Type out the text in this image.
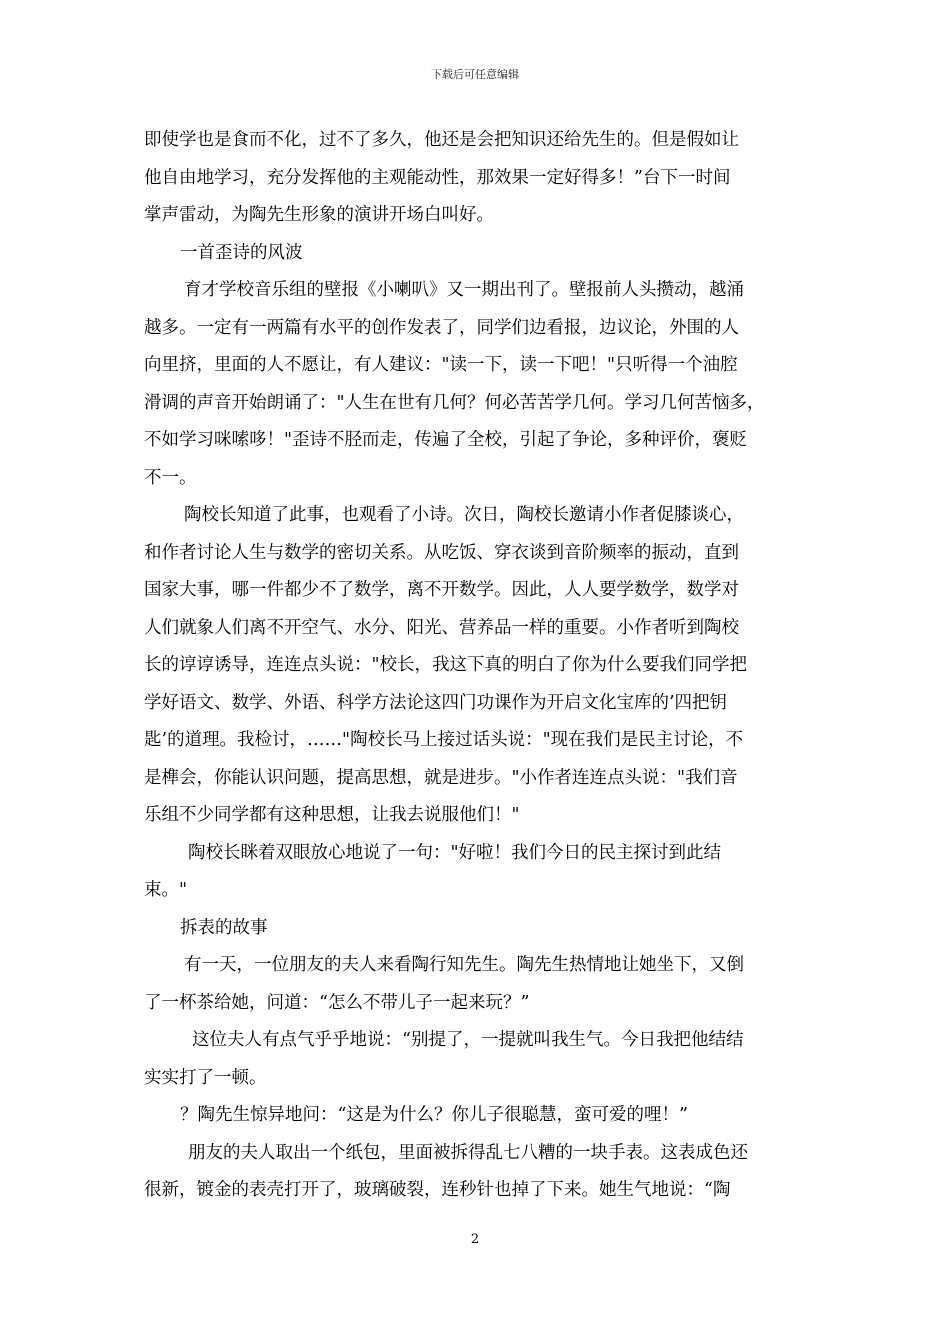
下载后可任意编辑
即使学也是食而不化，过不了多久，他还是会把知识还给先生的。但是假如让
他自由地学习，充分发挥他的主观能动性，那效果一定好得多！”台下一时间
掌声雷动，为陶先生形象的演讲开场白叫好。
一首歪诗的风波
育才学校音乐组的壁报《小喇叭》又一期出刊了。壁报前人头攒动，越涌
越多。一定有一两篇有水平的创作发表了，同学们边看报，边议论，外围的人
向里挤，里面的人不愿让，有人建议："读一下，读一下吧！"只听得一个油腔
滑调的声音开始朗诵了："人生在世有几何？何必苦苦学几何。学习几何苦恼多，
不如学习咪嗦哆！"歪诗不胫而走，传遍了全校，引起了争论，多种评价，褒贬
不一。
陶校长知道了此事，也观看了小诗。次日，陶校长邀请小作者促膝谈心，
和作者讨论人生与数学的密切关系。从吃饭、穿衣谈到音阶频率的振动，直到
国家大事，哪一件都少不了数学，离不开数学。因此，人人要学数学，数学对
人们就象人们离不开空气、水分、阳光、营养品一样的重要。小作者听到陶校
长的谆谆诱导，连连点头说："校长，我这下真的明白了你为什么要我们同学把
学好语文、数学、外语、科学方法论这四门功课作为开启文化宝库的’四把钥
匙’的道理。我检讨，……"陶校长马上接过话头说："现在我们是民主讨论，不
是榫会，你能认识问题，提高思想，就是进步。"小作者连连点头说："我们音
乐组不少同学都有这种思想，让我去说服他们！"
陶校长眯着双眼放心地说了一句："好啦！我们今日的民主探讨到此结
束。"
拆表的故事
有一天，一位朋友的夫人来看陶行知先生。陶先生热情地让她坐下，又倒
了一杯茶给她，问道：“怎么不带儿子一起来玩？”
这位夫人有点气乎乎地说：“别提了，一提就叫我生气。今日我把他结结
实实打了一顿。
？陶先生惊异地问：“这是为什么？你儿子很聪慧，蛮可爱的哩！”
朋友的夫人取出一个纸包，里面被拆得乱七八糟的一块手表。这表成色还
很新，镀金的表壳打开了，玻璃破裂，连秒针也掉了下来。她生气地说：“陶
2
